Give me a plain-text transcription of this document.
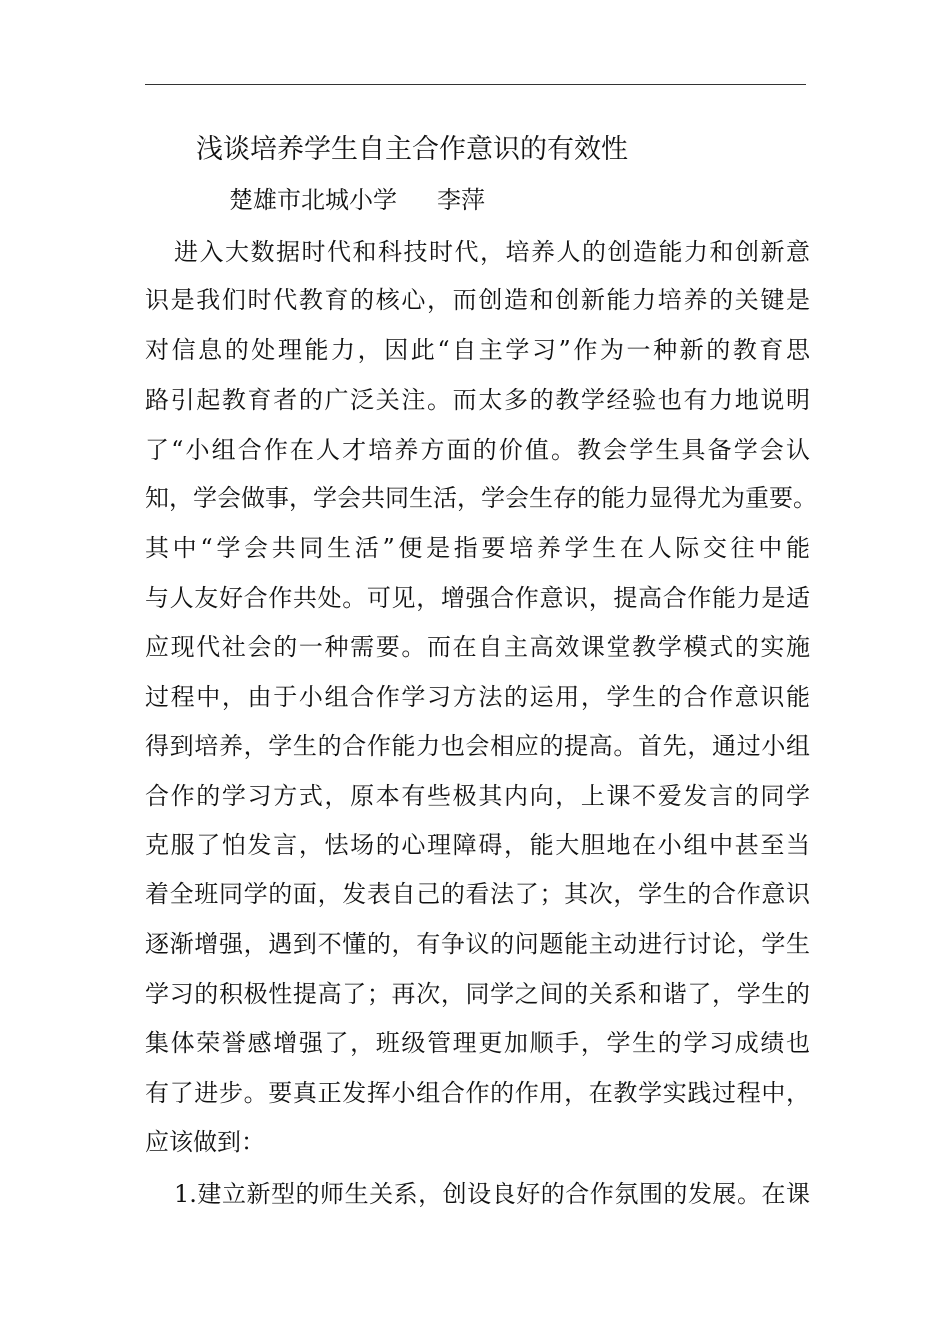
浅谈培养学生自主合作意识的有效性
楚雄市北城小学 李萍
进入大数据时代和科技时代，培养人的创造能力和创新意
识是我们时代教育的核心，而创造和创新能力培养的关键是
对信息的处理能力，因此“自主学习”作为一种新的教育思
路引起教育者的广泛关注。而太多的教学经验也有力地说明
了“小组合作在人才培养方面的价值。教会学生具备学会认
知，学会做事，学会共同生活，学会生存的能力显得尤为重要。
其中“学会共同生活”便是指要培养学生在人际交往中能
与人友好合作共处。可见，增强合作意识，提高合作能力是适
应现代社会的一种需要。而在自主高效课堂教学模式的实施
过程中，由于小组合作学习方法的运用，学生的合作意识能
得到培养，学生的合作能力也会相应的提高。首先，通过小组
合作的学习方式，原本有些极其内向，上课不爱发言的同学
克服了怕发言，怯场的心理障碍，能大胆地在小组中甚至当
着全班同学的面，发表自己的看法了；其次，学生的合作意识
逐渐增强，遇到不懂的，有争议的问题能主动进行讨论，学生
学习的积极性提高了；再次，同学之间的关系和谐了，学生的
集体荣誉感增强了，班级管理更加顺手，学生的学习成绩也
有了进步。要真正发挥小组合作的作用，在教学实践过程中，
应该做到：
1.建立新型的师生关系，创设良好的合作氛围的发展。在课
